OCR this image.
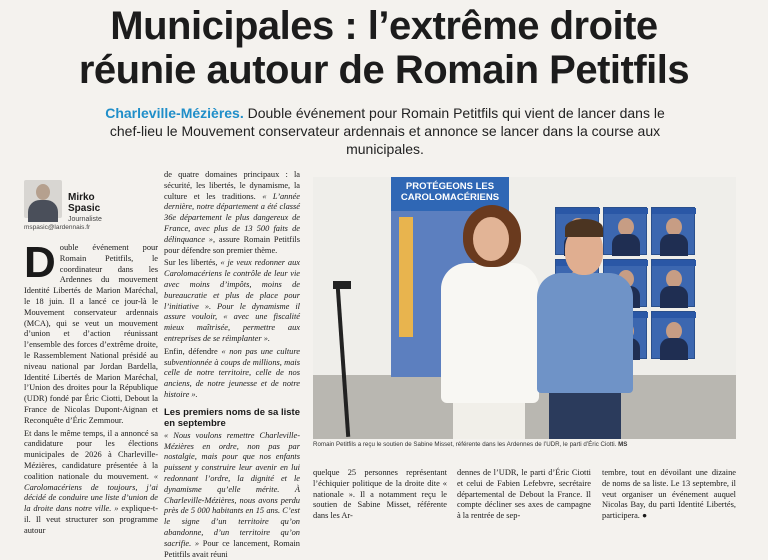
Municipales : l’extrême droite
réunie autour de Romain Petitfils
Charleville-Mézières. Double événement pour Romain Petitfils qui vient de lancer dans le chef-lieu le Mouvement conservateur ardennais et annonce se lancer dans la course aux municipales.
Mirko
Spasic
Journaliste
mspasic@lardennais.fr

Double événement pour Romain Petitfils, le coordinateur dans les Ardennes du mouvement Identité Libertés de Marion Maréchal, le 18 juin. Il a lancé ce jour-là le Mouvement conservateur ardennais (MCA), qui se veut un mouvement d’union et d’action réunissant l’ensemble des forces d’extrême droite, le Rassemblement National présidé au niveau national par Jordan Bardella, Identité Libertés de Marion Maréchal, l’Union des droites pour la République (UDR) fondé par Éric Ciotti, Debout la France de Nicolas Dupont-Aignan et Reconquête d’Éric Zemmour.

Et dans le même temps, il a annoncé sa candidature pour les élections municipales de 2026 à Charleville-Mézières, candidature présentée à la coalition nationale du mouvement. « Carolomacériens de toujours, j’ai décidé de conduire une liste d’union de la droite dans notre ville. » explique-t-il. Il veut structurer son programme autour

de quatre domaines principaux : la sécurité, les libertés, le dynamisme, la culture et les traditions. « L’année dernière, notre département a été classé 36e département le plus dangereux de France, avec plus de 13 500 faits de délinquance », assure Romain Petitfils pour défendre son premier thème.

Sur les libertés, « je veux redonner aux Carolomacériens le contrôle de leur vie avec moins d’impôts, moins de bureaucratie et plus de place pour l’initiative ». Pour le dynamisme il assure vouloir, « avec une fiscalité mieux maîtrisée, permettre aux entreprises de se réimplanter ».

Enfin, défendre « non pas une culture subventionnée à coups de millions, mais celle de notre territoire, celle de nos anciens, de notre jeunesse et de notre histoire ».

Les premiers noms de sa liste en septembre

« Nous voulons remettre Charleville-Mézières en ordre, non pas par nostalgie, mais pour que nos enfants puissent y construire leur avenir en lui redonnant l’ordre, la dignité et le dynamisme qu’elle mérite. À Charleville-Mézières, nous avons perdu près de 5 000 habitants en 15 ans. C’est le signe d’un territoire qu’on abandonne, d’un territoire qu’on sacrifie. » Pour ce lancement, Romain Petitfils avait réuni

PROTÉGEONS LES
CAROLOMACÉRIENS
Romain Petitfils a reçu le soutien de Sabine Misset, référente dans les Ardennes de l’UDR, le parti d’Éric Ciotti. MS

quelque 25 personnes représentant l’échiquier politique de la droite dite « nationale ». Il a notamment reçu le soutien de Sabine Misset, référente dans les Ar-

dennes de l’UDR, le parti d’Éric Ciotti et celui de Fabien Lefebvre, secrétaire départemental de Debout la France. Il compte décliner ses axes de campagne à la rentrée de sep-

tembre, tout en dévoilant une dizaine de noms de sa liste. Le 13 septembre, il veut organiser un événement auquel Nicolas Bay, du parti Identité Libertés, participera. ●
